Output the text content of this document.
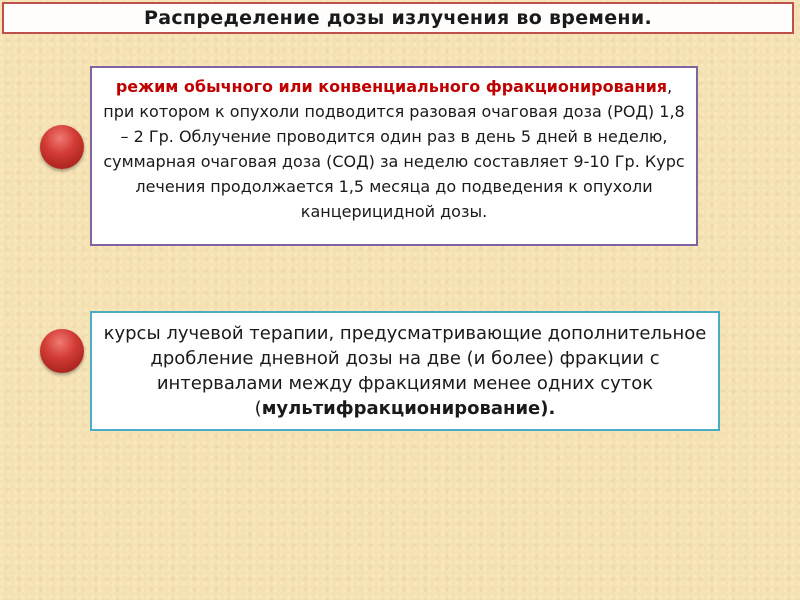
Распределение дозы излучения во времени.
режим обычного или конвенциального фракционирования, при котором к опухоли подводится разовая очаговая доза (РОД) 1,8 – 2 Гр. Облучение проводится один раз в день 5 дней в неделю, суммарная очаговая доза (СОД) за неделю составляет 9-10 Гр. Курс лечения продолжается 1,5 месяца до подведения к опухоли канцерицидной дозы.
курсы лучевой терапии, предусматривающие дополнительное дробление дневной дозы на две (и более) фракции с интервалами между фракциями менее одних суток (мультифракционирование).
